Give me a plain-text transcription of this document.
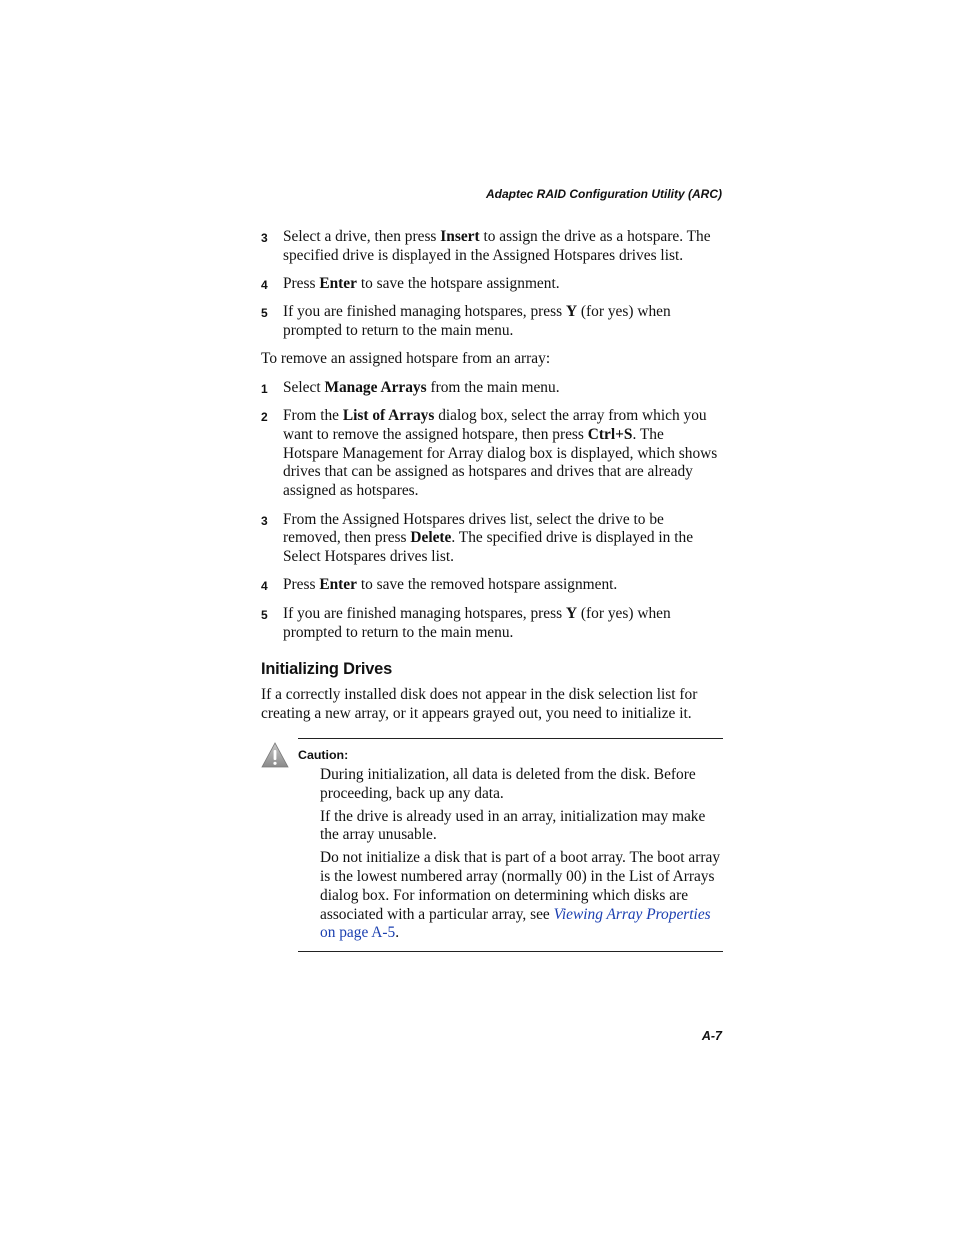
Adaptec RAID Configuration Utility (ARC)
3 Select a drive, then press Insert to assign the drive as a hotspare. The specified drive is displayed in the Assigned Hotspares drives list.
4 Press Enter to save the hotspare assignment.
5 If you are finished managing hotspares, press Y (for yes) when prompted to return to the main menu.
To remove an assigned hotspare from an array:
1 Select Manage Arrays from the main menu.
2 From the List of Arrays dialog box, select the array from which you want to remove the assigned hotspare, then press Ctrl+S. The Hotspare Management for Array dialog box is displayed, which shows drives that can be assigned as hotspares and drives that are already assigned as hotspares.
3 From the Assigned Hotspares drives list, select the drive to be removed, then press Delete. The specified drive is displayed in the Select Hotspares drives list.
4 Press Enter to save the removed hotspare assignment.
5 If you are finished managing hotspares, press Y (for yes) when prompted to return to the main menu.
Initializing Drives
If a correctly installed disk does not appear in the disk selection list for creating a new array, or it appears grayed out, you need to initialize it.
Caution:
During initialization, all data is deleted from the disk. Before proceeding, back up any data.
If the drive is already used in an array, initialization may make the array unusable.
Do not initialize a disk that is part of a boot array. The boot array is the lowest numbered array (normally 00) in the List of Arrays dialog box. For information on determining which disks are associated with a particular array, see Viewing Array Properties on page A-5.
A-7
